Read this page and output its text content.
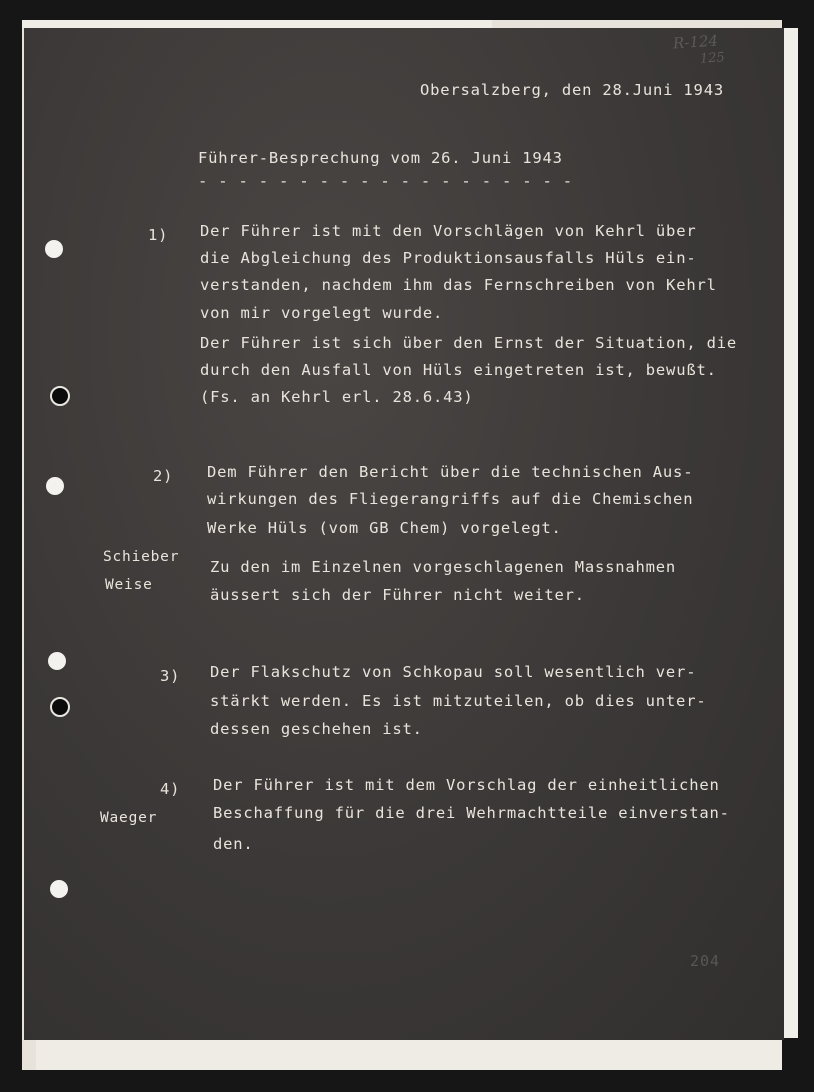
R-124
125
Obersalzberg, den 28.Juni 1943
Führer-Besprechung vom 26. Juni 1943
- - - - - - - - - - - - - - - - - - -
1) Der Führer ist mit den Vorschlägen von Kehrl über
die Abgleichung des Produktionsausfalls Hüls ein-
verstanden, nachdem ihm das Fernschreiben von Kehrl
von mir vorgelegt wurde.
Der Führer ist sich über den Ernst der Situation, die
durch den Ausfall von Hüls eingetreten ist, bewußt.
(Fs. an Kehrl erl. 28.6.43)
2) Dem Führer den Bericht über die technischen Aus-
wirkungen des Fliegerangriffs auf die Chemischen
Werke Hüls (vom GB Chem) vorgelegt.
Schieber
Weise
Zu den im Einzelnen vorgeschlagenen Massnahmen
äussert sich der Führer nicht weiter.
3) Der Flakschutz von Schkopau soll wesentlich ver-
stärkt werden. Es ist mitzuteilen, ob dies unter-
dessen geschehen ist.
4) Der Führer ist mit dem Vorschlag der einheitlichen
Waeger	Beschaffung für die drei Wehrmachtteile einverstan-
den.
204
